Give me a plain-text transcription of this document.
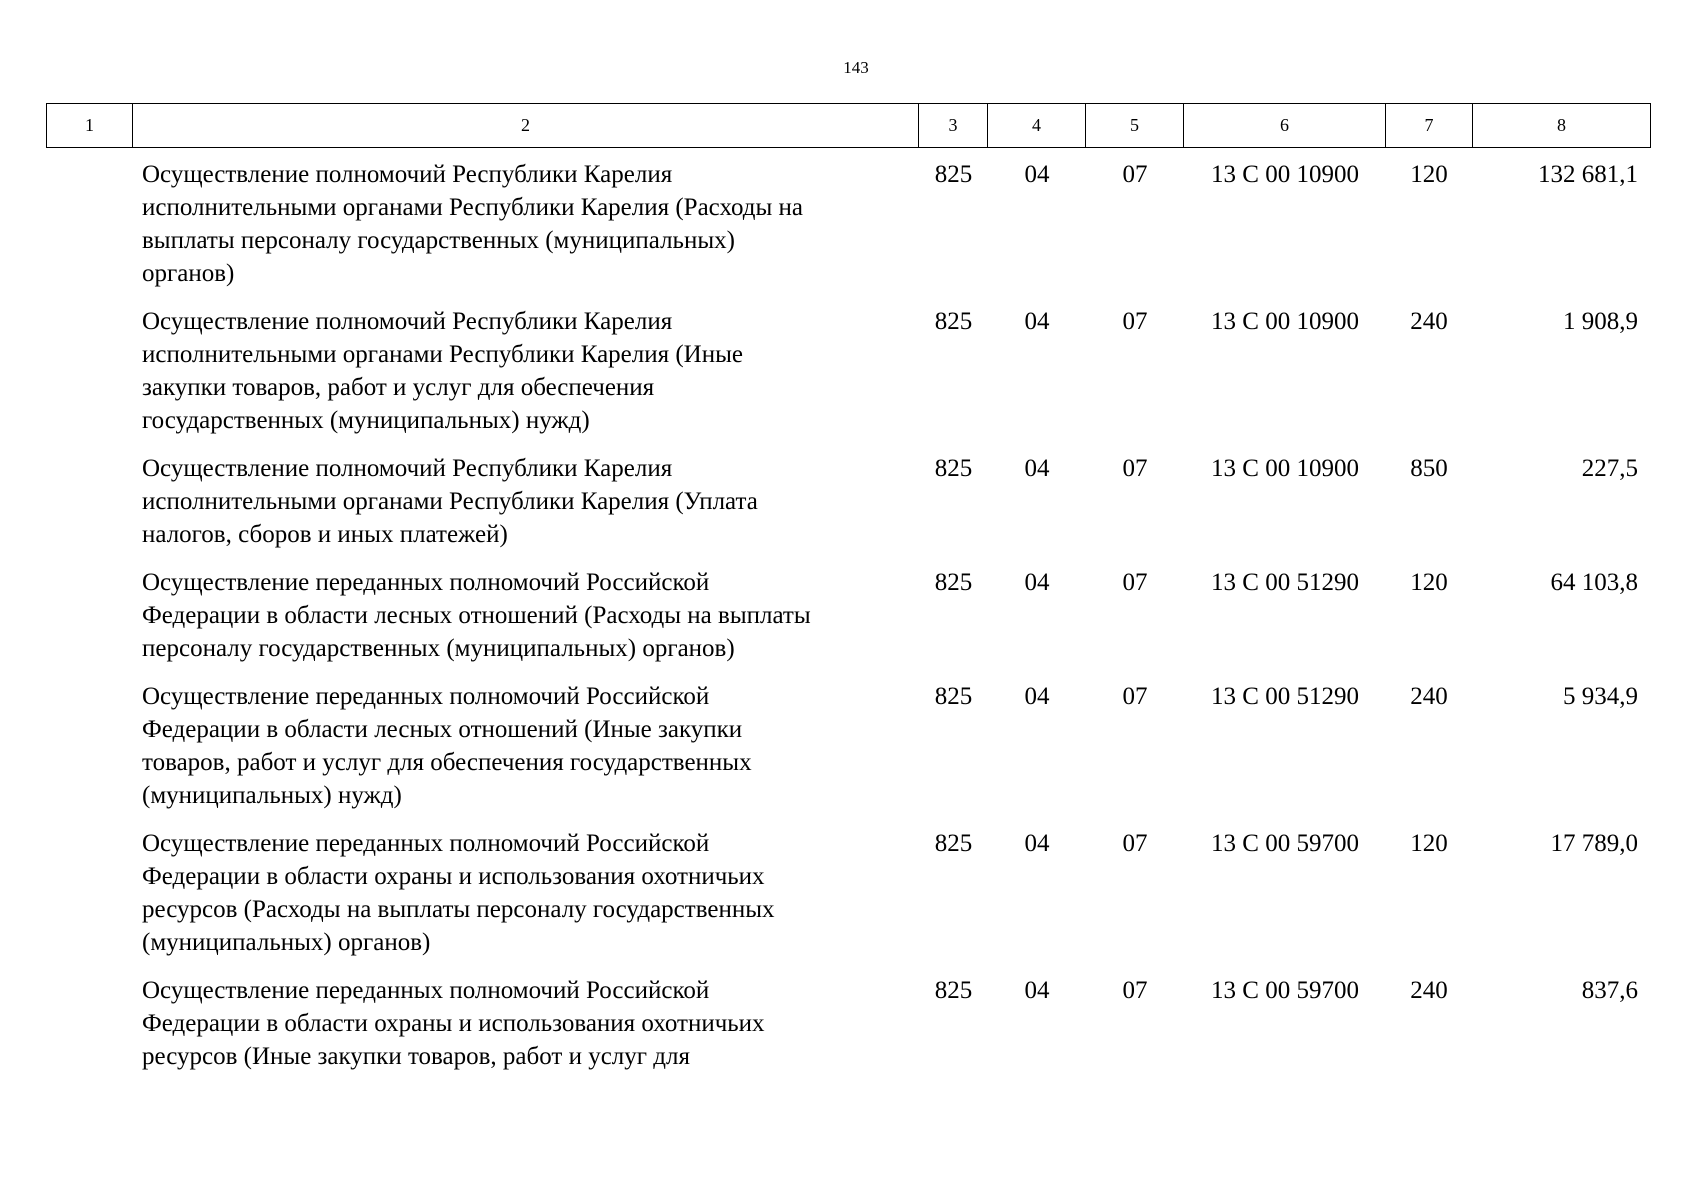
143
1	2	3	4	5	6	7	8
Осуществление полномочий Республики Карелия
исполнительными органами Республики Карелия (Расходы на
выплаты персоналу государственных (муниципальных)
органов)
825	04	07	13 С 00 10900	120	132 681,1
Осуществление полномочий Республики Карелия
исполнительными органами Республики Карелия (Иные
закупки товаров, работ и услуг для обеспечения
государственных (муниципальных) нужд)
825	04	07	13 С 00 10900	240	1 908,9
Осуществление полномочий Республики Карелия
исполнительными органами Республики Карелия (Уплата
налогов, сборов и иных платежей)
825	04	07	13 С 00 10900	850	227,5
Осуществление переданных полномочий Российской
Федерации в области лесных отношений (Расходы на выплаты
персоналу государственных (муниципальных) органов)
825	04	07	13 С 00 51290	120	64 103,8
Осуществление переданных полномочий Российской
Федерации в области лесных отношений (Иные закупки
товаров, работ и услуг для обеспечения государственных
(муниципальных) нужд)
825	04	07	13 С 00 51290	240	5 934,9
Осуществление переданных полномочий Российской
Федерации в области охраны и использования охотничьих
ресурсов (Расходы на выплаты персоналу государственных
(муниципальных) органов)
825	04	07	13 С 00 59700	120	17 789,0
Осуществление переданных полномочий Российской
Федерации в области охраны и использования охотничьих
ресурсов (Иные закупки товаров, работ и услуг для
825	04	07	13 С 00 59700	240	837,6
